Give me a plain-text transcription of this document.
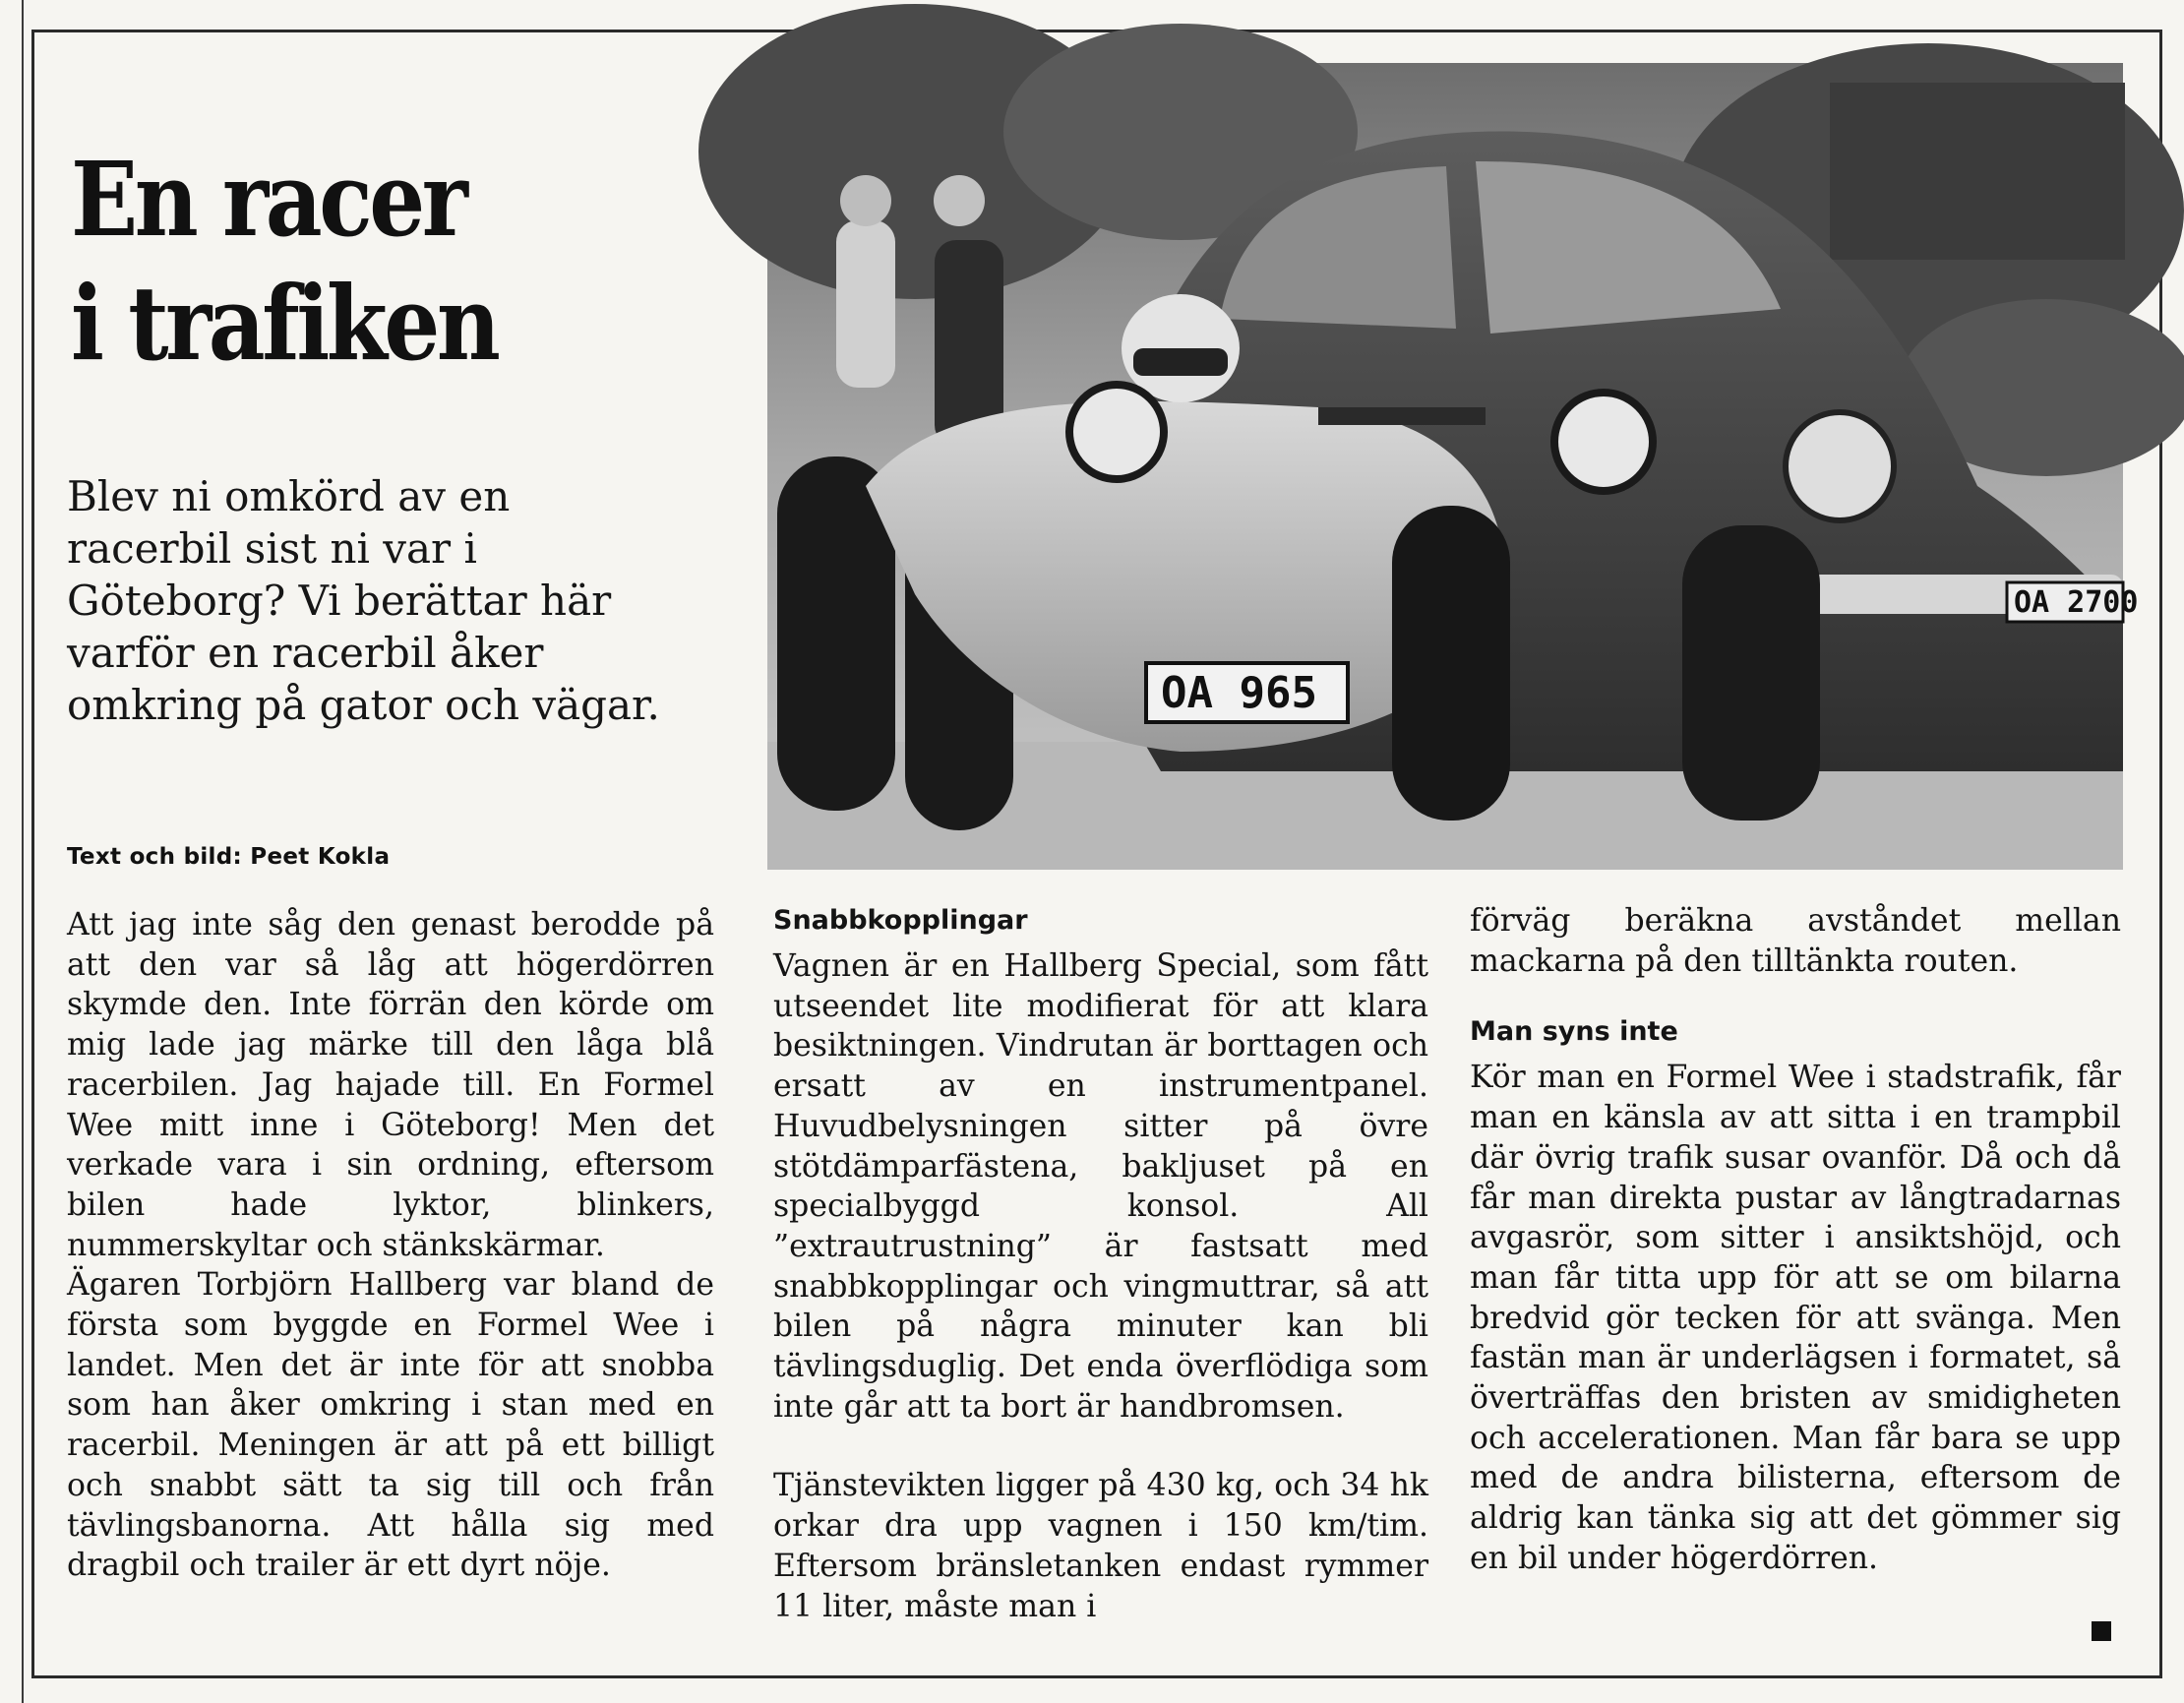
En racer
i trafiken

Blev ni omkörd av en racerbil sist ni var i Göteborg? Vi berättar här varför en racerbil åker omkring på gator och vägar.

Text och bild: Peet Kokla

OA 2700
OA 965

Att jag inte såg den genast berodde på att den var så låg att högerdörren skymde den. Inte förrän den körde om mig lade jag märke till den låga blå racerbilen. Jag hajade till. En Formel Wee mitt inne i Göteborg! Men det verkade vara i sin ordning, eftersom bilen hade lyktor, blinkers, nummerskyltar och stänkskärmar.

Ägaren Torbjörn Hallberg var bland de första som byggde en Formel Wee i landet. Men det är inte för att snobba som han åker omkring i stan med en racerbil. Meningen är att på ett billigt och snabbt sätt ta sig till och från tävlingsbanorna. Att hålla sig med dragbil och trailer är ett dyrt nöje.

Snabbkopplingar

Vagnen är en Hallberg Special, som fått utseendet lite modifierat för att klara besiktningen. Vindrutan är borttagen och ersatt av en instrumentpanel. Huvudbelysningen sitter på övre stötdämparfästena, bakljuset på en specialbyggd konsol. All ”extrautrustning” är fastsatt med snabbkopplingar och vingmuttrar, så att bilen på några minuter kan bli tävlingsduglig. Det enda överflödiga som inte går att ta bort är handbromsen.

Tjänstevikten ligger på 430 kg, och 34 hk orkar dra upp vagnen i 150 km/tim. Eftersom bränsletanken endast rymmer 11 liter, måste man i

förväg beräkna avståndet mellan mackarna på den tilltänkta routen.

Man syns inte

Kör man en Formel Wee i stadstrafik, får man en känsla av att sitta i en trampbil där övrig trafik susar ovanför. Då och då får man direkta pustar av långtradarnas avgasrör, som sitter i ansiktshöjd, och man får titta upp för att se om bilarna bredvid gör tecken för att svänga. Men fastän man är underlägsen i formatet, så överträffas den bristen av smidigheten och accelerationen. Man får bara se upp med de andra bilisterna, eftersom de aldrig kan tänka sig att det gömmer sig en bil under högerdörren.
